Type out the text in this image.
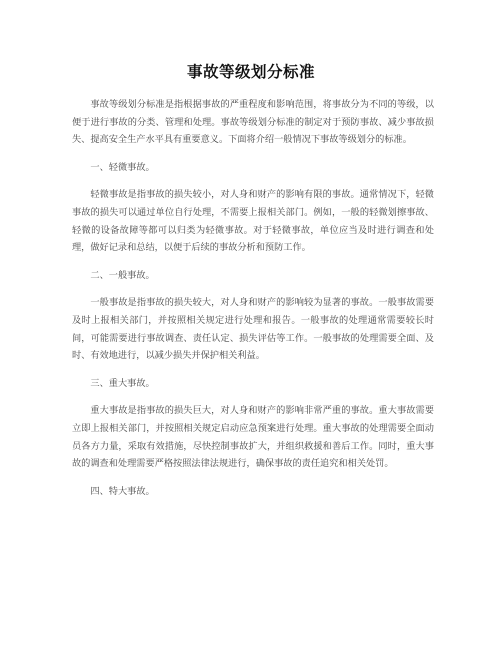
事故等级划分标准

事故等级划分标准是指根据事故的严重程度和影响范围，将事故分为不同的等级，以便于进行事故的分类、管理和处理。事故等级划分标准的制定对于预防事故、减少事故损失、提高安全生产水平具有重要意义。下面将介绍一般情况下事故等级划分的标准。

一、轻微事故。

轻微事故是指事故的损失较小，对人身和财产的影响有限的事故。通常情况下，轻微事故的损失可以通过单位自行处理，不需要上报相关部门。例如，一般的轻微划擦事故、轻微的设备故障等都可以归类为轻微事故。对于轻微事故，单位应当及时进行调查和处理，做好记录和总结，以便于后续的事故分析和预防工作。

二、一般事故。

一般事故是指事故的损失较大，对人身和财产的影响较为显著的事故。一般事故需要及时上报相关部门，并按照相关规定进行处理和报告。一般事故的处理通常需要较长时间，可能需要进行事故调查、责任认定、损失评估等工作。一般事故的处理需要全面、及时、有效地进行，以减少损失并保护相关利益。

三、重大事故。

重大事故是指事故的损失巨大，对人身和财产的影响非常严重的事故。重大事故需要立即上报相关部门，并按照相关规定启动应急预案进行处理。重大事故的处理需要全面动员各方力量，采取有效措施，尽快控制事故扩大，并组织救援和善后工作。同时，重大事故的调查和处理需要严格按照法律法规进行，确保事故的责任追究和相关处罚。

四、特大事故。
